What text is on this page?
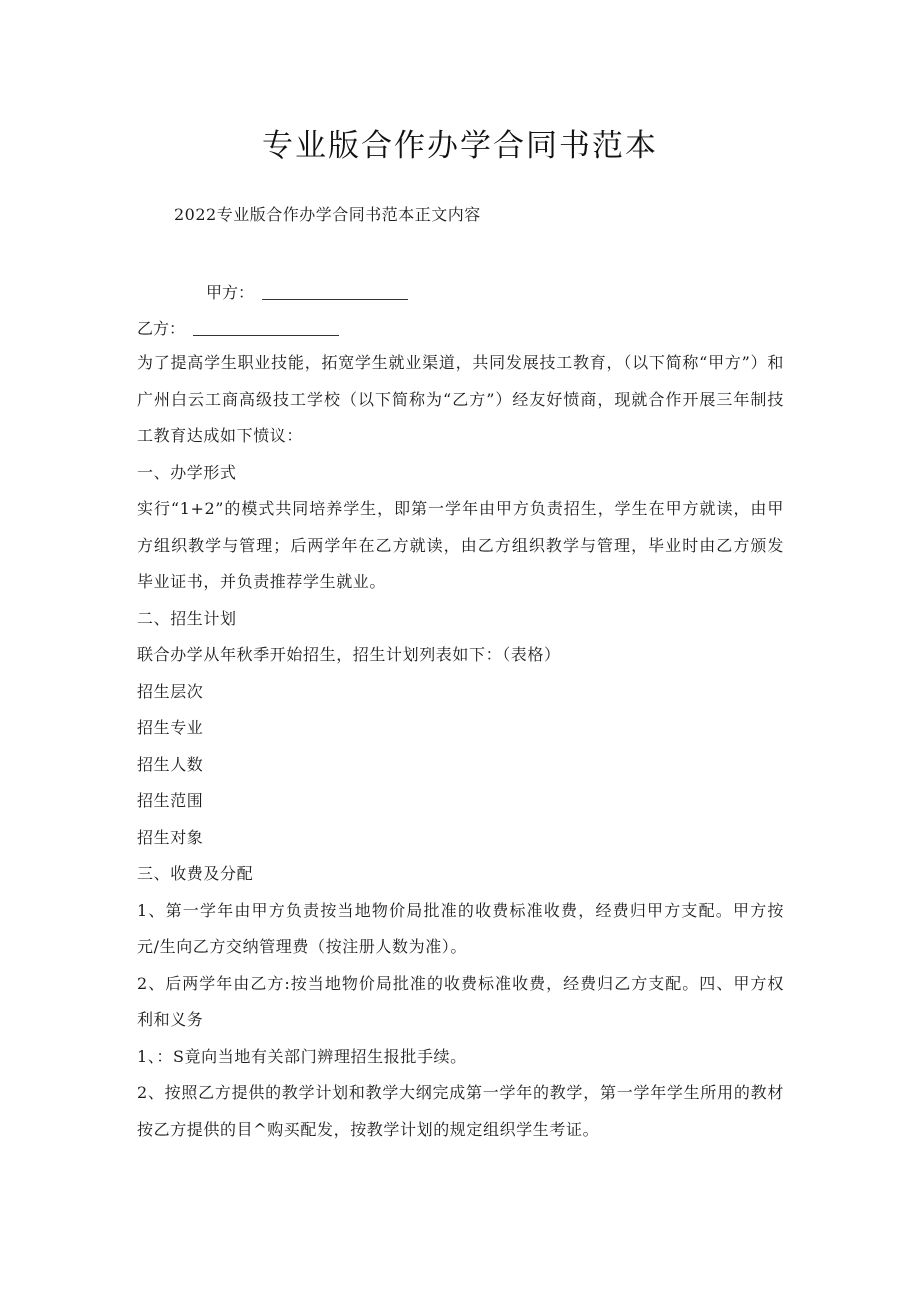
专业版合作办学合同书范本
2022专业版合作办学合同书范本正文内容
甲方：
乙方：

为了提高学生职业技能，拓宽学生就业渠道，共同发展技工教育，（以下简称“甲方”）和广州白云工商高级技工学校（以下简称为“乙方”）经友好愤商，现就合作开展三年制技工教育达成如下愤议：

一、办学形式

实行“1+2”的模式共同培养学生，即第一学年由甲方负责招生，学生在甲方就读，由甲方组织教学与管理；后两学年在乙方就读，由乙方组织教学与管理，毕业时由乙方颁发毕业证书，并负责推荐学生就业。

二、招生计划

联合办学从年秋季开始招生，招生计划列表如下：（表格）

招生层次

招生专业

招生人数

招生范围

招生对象

三、收费及分配

1、第一学年由甲方负责按当地物价局批准的收费标准收费，经费归甲方支配。甲方按元/生向乙方交纳管理费（按注册人数为准）。

2、后两学年由乙方:按当地物价局批准的收费标准收费，经费归乙方支配。四、甲方权利和义务

1、：S竟向当地有关部门辨理招生报批手续。

2、按照乙方提供的教学计划和教学大纲完成第一学年的教学，第一学年学生所用的教材按乙方提供的目^购买配发，按教学计划的规定组织学生考证。
